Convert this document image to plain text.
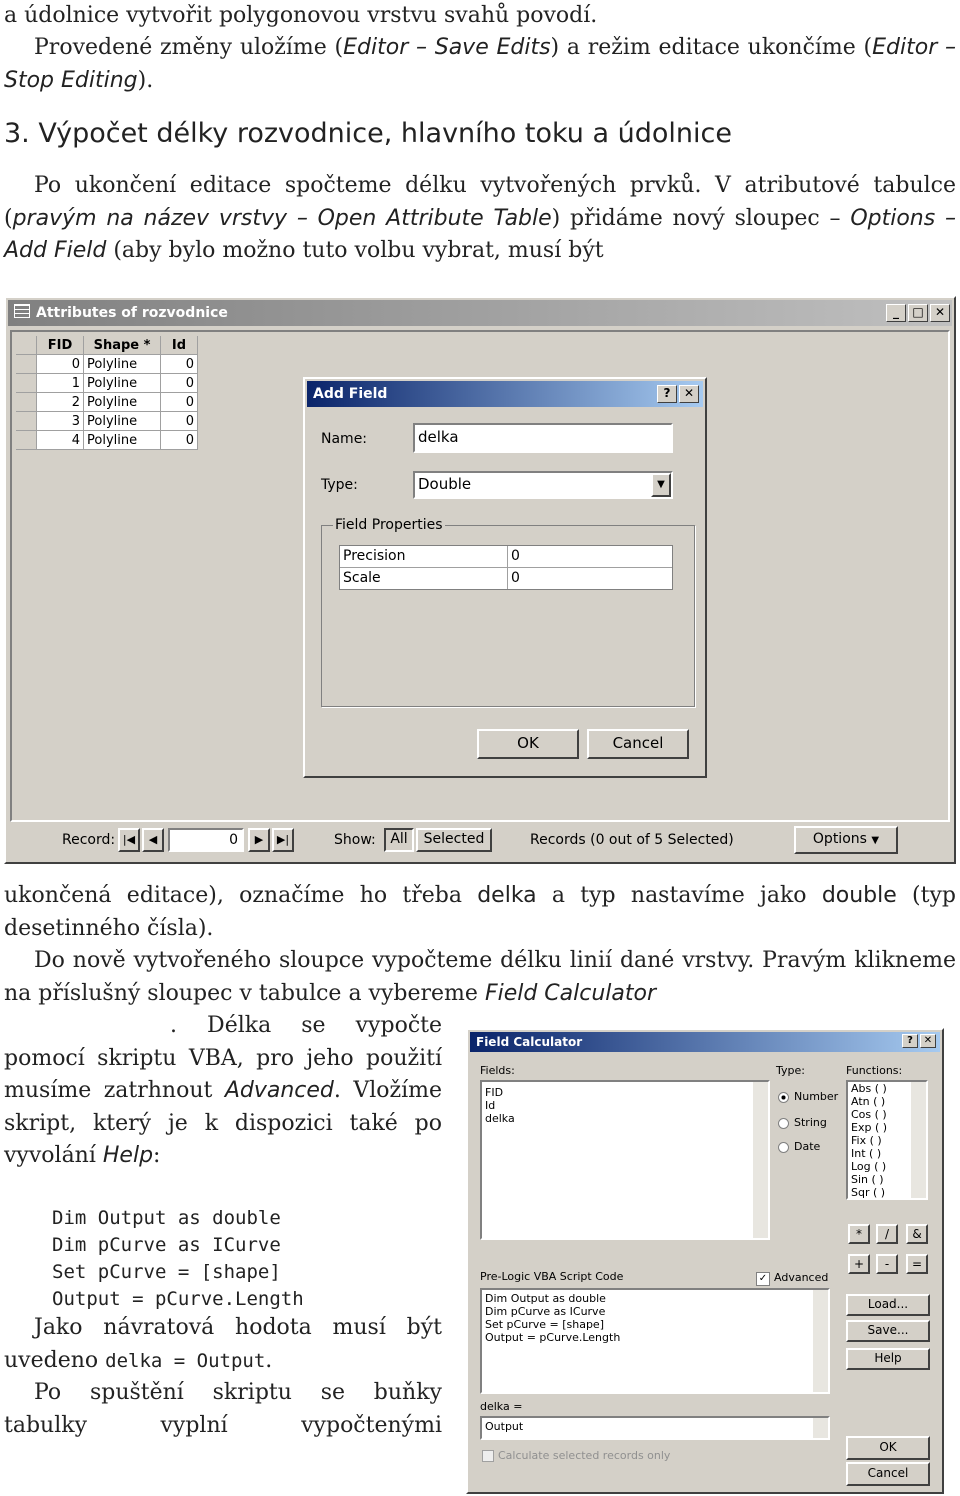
a údolnice vytvořit polygonovou vrstvu svahů povodí.

Provedené změny uložíme (Editor – Save Edits) a režim editace ukončíme (Editor – Stop Editing).

3. Výpočet délky rozvodnice, hlavního toku a údolnice

Po ukončení editace spočteme délku vytvořených prvků. V atributové tabulce (pravým na název vrstvy – Open Attribute Table) přidáme nový sloupec – Options – Add Field (aby bylo možno tuto volbu vybrat, musí být

Attributes of rozvodnice	_	□ ✕
	FID	Shape *	Id
	0	Polyline	0
	1	Polyline	0
	2	Polyline	0
	3	Polyline	0
	4	Polyline	0
Record: |◀	◀	0	▶	▶|	Show:	All	Selected	Records (0 out of 5 Selected)	Options ▼
Add Field	?	✕
Name:	delka
Type:	Double	▼
Field Properties
Precision	0
Scale	0
OK	Cancel

ukončená editace), označíme ho třeba delka a typ nastavíme jako double (typ desetinného čísla).

Do nově vytvořeného sloupce vypočteme délku linií dané vrstvy. Pravým klikneme na příslušný sloupec v tabulce a vybereme Field Calculator

. Délka se vypočte pomocí skriptu VBA, pro jeho použití musíme zatrhnout Advanced. Vložíme skript, který je k dispozici také po vyvolání Help:

Dim Output as double
Dim pCurve as ICurve
Set pCurve = [shape]
Output = pCurve.Length

Jako návratová hodota musí být uvedeno delka = Output.

Po spuštění skriptu se buňky tabulky vyplní vypočtenými

Field Calculator	?	✕
Fields:
FID
Id
delka
Type:
Number
String
Date
Functions:
Abs ( )
Atn ( )
Cos ( )
Exp ( )
Fix ( )
Int ( )
Log ( )
Sin ( )
Sqr ( )
*	/	&
+	-	=
Pre-Logic VBA Script Code	✓ Advanced
Dim Output as double
Dim pCurve as ICurve
Set pCurve = [shape]
Output = pCurve.Length
Load...
Save...
Help
delka =
Output
Calculate selected records only
OK
Cancel
